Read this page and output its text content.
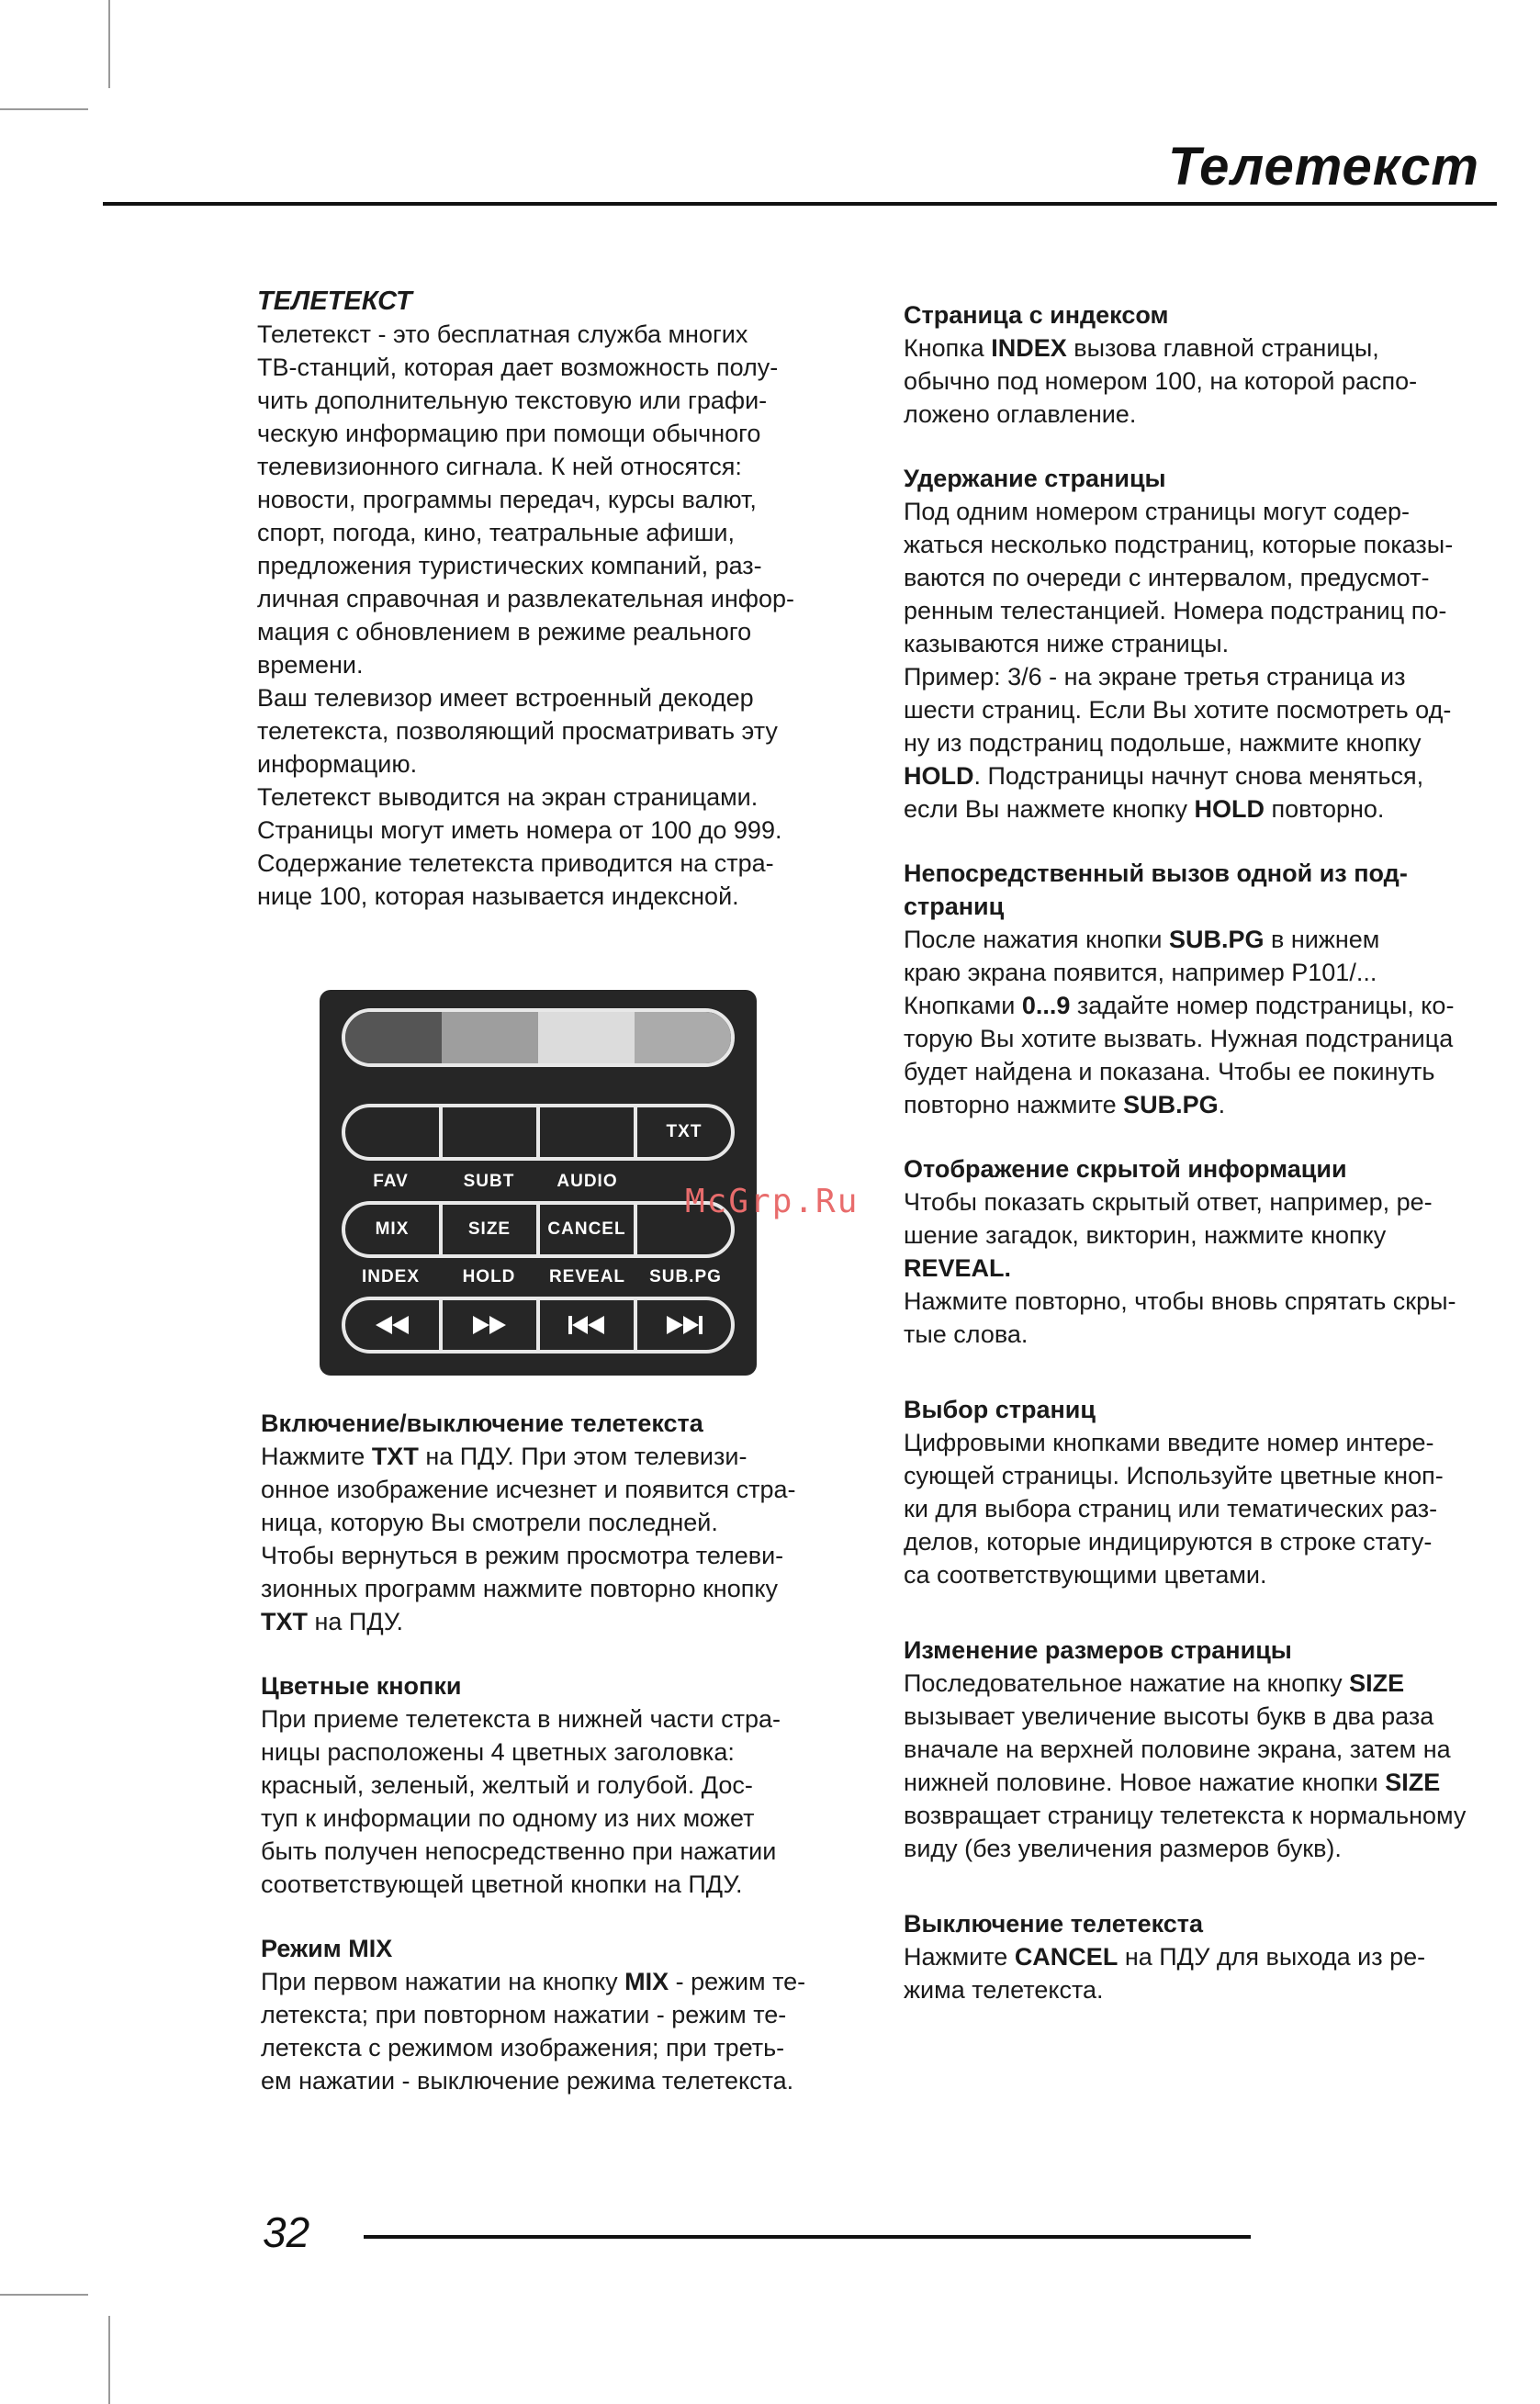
Телетекст

ТЕЛЕТЕКСТ

Телетекст - это бесплатная служба многих

ТВ-станций, которая дает возможность полу-

чить дополнительную текстовую или графи-

ческую информацию при помощи обычного

телевизионного сигнала. К ней относятся:

новости, программы передач, курсы валют,

спорт, погода, кино, театральные афиши,

предложения туристических компаний, раз-

личная справочная и развлекательная инфор-

мация с обновлением в режиме реального

времени.

Ваш телевизор имеет встроенный декодер

телетекста, позволяющий просматривать эту

информацию.

Телетекст выводится на экран страницами.

Страницы могут иметь номера от 100 до 999.

Содержание телетекста приводится на стра-

нице 100, которая называется индексной.

TXT
FAV	SUBT	AUDIO
MIX	SIZE	CANCEL
INDEX	HOLD	REVEAL	SUB.PG
McGrp.Ru

Включение/выключение телетекста

Нажмите TXT на ПДУ. При этом телевизи-

онное изображение исчезнет и появится стра-

ница, которую Вы смотрели последней.

Чтобы вернуться в режим просмотра телеви-

зионных программ нажмите повторно кнопку

TXT на ПДУ.

Цветные кнопки

При приеме телетекста в нижней части стра-

ницы расположены 4 цветных заголовка:

красный, зеленый, желтый и голубой. Дос-

туп к информации по одному из них может

быть получен непосредственно при нажатии

соответствующей цветной кнопки на ПДУ.

Режим MIX

При первом нажатии на кнопку MIX - режим те-

летекста; при повторном нажатии - режим те-

летекста с режимом изображения; при треть-

ем нажатии - выключение режима телетекста.

Страница с индексом

Кнопка INDEX вызова главной страницы,

обычно под номером 100, на которой распо-

ложено оглавление.

Удержание страницы

Под одним номером страницы могут содер-

жаться несколько подстраниц, которые показы-

ваются по очереди с интервалом, предусмот-

ренным телестанцией. Номера подстраниц по-

казываются ниже страницы.

Пример: 3/6 - на экране третья страница из

шести страниц. Если Вы хотите посмотреть од-

ну из подстраниц подольше, нажмите кнопку

HOLD. Подстраницы начнут снова меняться,

если Вы нажмете кнопку HOLD повторно.

Непосредственный вызов одной из под-

страниц

После нажатия кнопки SUB.PG в нижнем

краю экрана появится, например P101/...

Кнопками 0...9 задайте номер подстраницы, ко-

торую Вы хотите вызвать. Нужная подстраница

будет найдена и показана. Чтобы ее покинуть

повторно нажмите SUB.PG.

Отображение скрытой информации

Чтобы показать скрытый ответ, например, ре-

шение загадок, викторин, нажмите кнопку

REVEAL.

Нажмите повторно, чтобы вновь спрятать скры-

тые слова.

Выбор страниц

Цифровыми кнопками введите номер интере-

сующей страницы. Используйте цветные кноп-

ки для выбора страниц или тематических раз-

делов, которые индицируются в строке стату-

са соответствующими цветами.

Изменение размеров страницы

Последовательное нажатие на кнопку SIZE

вызывает увеличение высоты букв в два раза

вначале на верхней половине экрана, затем на

нижней половине. Новое нажатие кнопки SIZE

возвращает страницу телетекста к нормальному

виду (без увеличения размеров букв).

Выключение телетекста

Нажмите CANCEL на ПДУ для выхода из ре-

жима телетекста.

32
